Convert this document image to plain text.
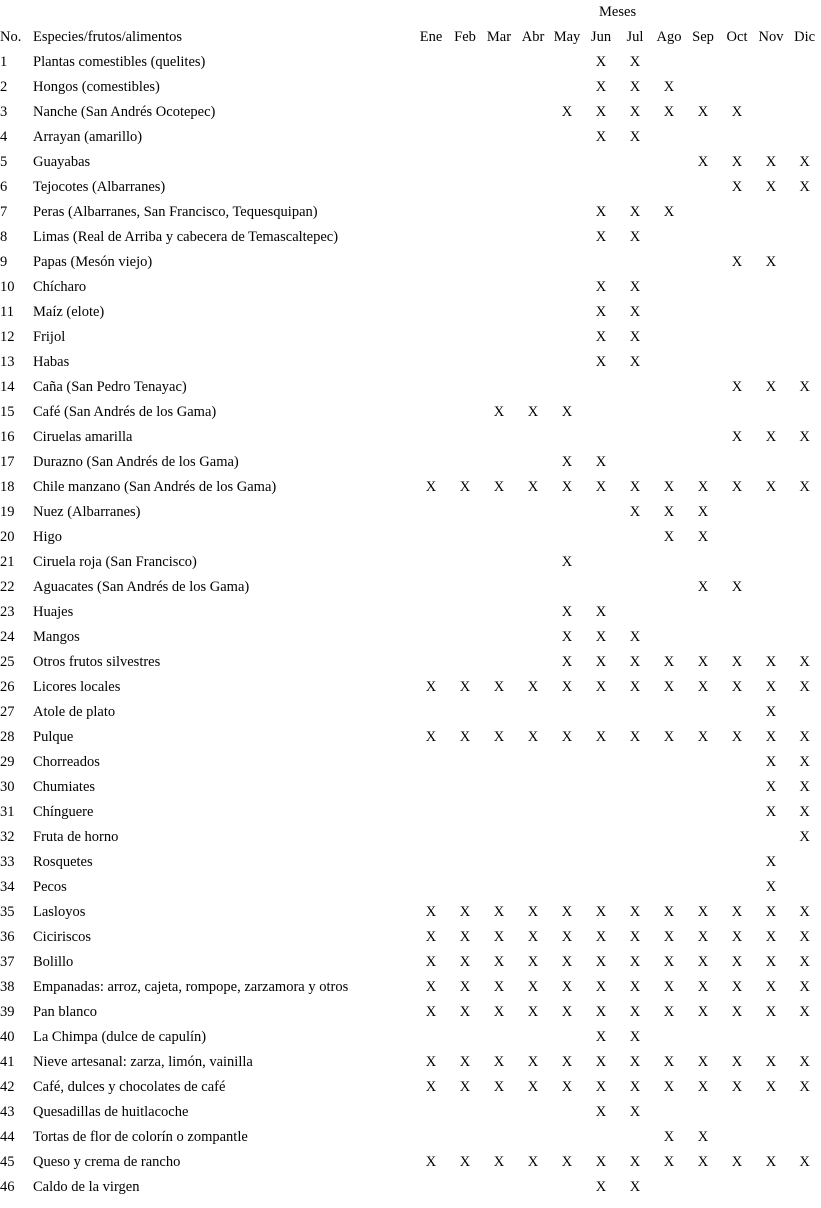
		Meses											
No.	Especies/frutos/alimentos	Ene	Feb	Mar	Abr	May	Jun	Jul	Ago	Sep	Oct	Nov	Dic
1	Plantas comestibles (quelites)						X	X					
2	Hongos (comestibles)						X	X	X				
3	Nanche (San Andrés Ocotepec)					X	X	X	X	X	X		
4	Arrayan (amarillo)						X	X					
5	Guayabas									X	X	X	X
6	Tejocotes (Albarranes)										X	X	X
7	Peras (Albarranes, San Francisco, Tequesquipan)						X	X	X				
8	Limas (Real de Arriba y cabecera de Temascaltepec)						X	X					
9	Papas (Mesón viejo)										X	X	
10	Chícharo						X	X					
11	Maíz (elote)						X	X					
12	Frijol						X	X					
13	Habas						X	X					
14	Caña (San Pedro Tenayac)										X	X	X
15	Café (San Andrés de los Gama)			X	X	X							
16	Ciruelas amarilla										X	X	X
17	Durazno (San Andrés de los Gama)					X	X						
18	Chile manzano (San Andrés de los Gama)	X	X	X	X	X	X	X	X	X	X	X	X
19	Nuez (Albarranes)							X	X	X			
20	Higo								X	X			
21	Ciruela roja (San Francisco)					X							
22	Aguacates (San Andrés de los Gama)									X	X		
23	Huajes					X	X						
24	Mangos					X	X	X					
25	Otros frutos silvestres					X	X	X	X	X	X	X	X
26	Licores locales	X	X	X	X	X	X	X	X	X	X	X	X
27	Atole de plato											X	
28	Pulque	X	X	X	X	X	X	X	X	X	X	X	X
29	Chorreados											X	X
30	Chumiates											X	X
31	Chínguere											X	X
32	Fruta de horno												X
33	Rosquetes											X	
34	Pecos											X	
35	Lasloyos	X	X	X	X	X	X	X	X	X	X	X	X
36	Ciciriscos	X	X	X	X	X	X	X	X	X	X	X	X
37	Bolillo	X	X	X	X	X	X	X	X	X	X	X	X
38	Empanadas: arroz, cajeta, rompope, zarzamora y otros	X	X	X	X	X	X	X	X	X	X	X	X
39	Pan blanco	X	X	X	X	X	X	X	X	X	X	X	X
40	La Chimpa (dulce de capulín)						X	X					
41	Nieve artesanal: zarza, limón, vainilla	X	X	X	X	X	X	X	X	X	X	X	X
42	Café, dulces y chocolates de café	X	X	X	X	X	X	X	X	X	X	X	X
43	Quesadillas de huitlacoche						X	X					
44	Tortas de flor de colorín o zompantle								X	X			
45	Queso y crema de rancho	X	X	X	X	X	X	X	X	X	X	X	X
46	Caldo de la virgen						X	X					
